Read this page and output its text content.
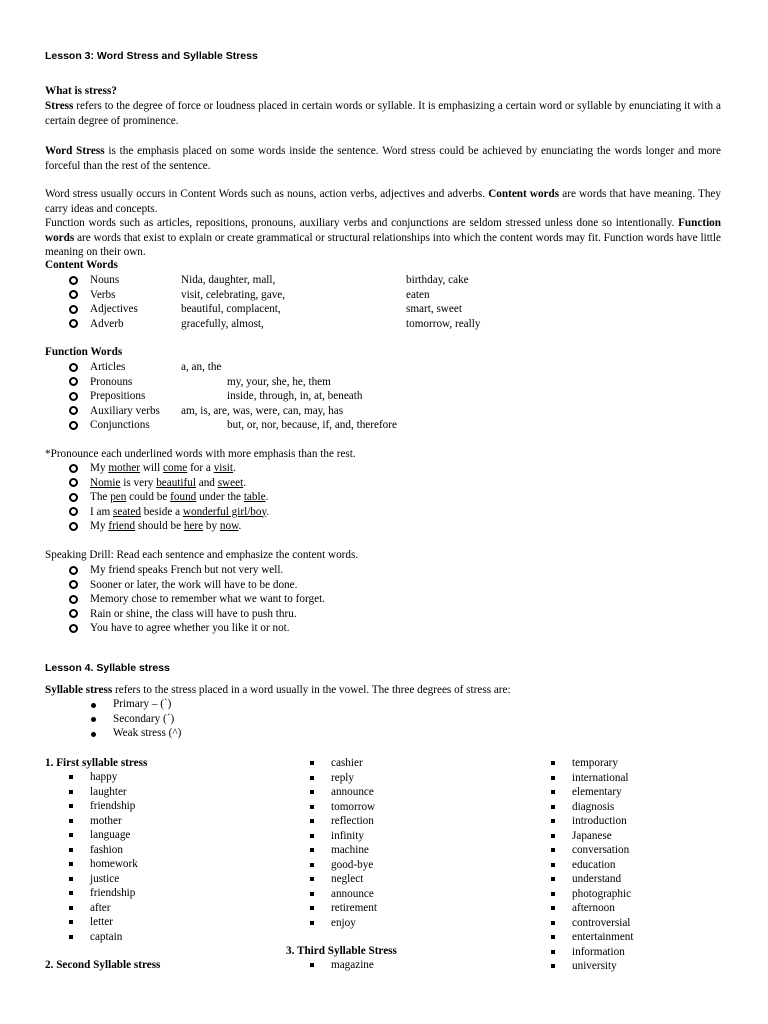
Lesson 3: Word Stress and Syllable Stress
What is stress?

Stress refers to the degree of force or loudness placed in certain words or syllable. It is emphasizing a certain word or syllable by enunciating it with a certain degree of prominence.

Word Stress is the emphasis placed on some words inside the sentence. Word stress could be achieved by enunciating the words longer and more forceful than the rest of the sentence.

Word stress usually occurs in Content Words such as nouns, action verbs, adjectives and adverbs. Content words are words that have meaning. They carry ideas and concepts.

Function words such as articles, repositions, pronouns, auxiliary verbs and conjunctions are seldom stressed unless done so intentionally. Function words are words that exist to explain or create grammatical or structural relationships into which the content words may fit. Function words have little meaning on their own.

Content Words
Nouns	Nida, daughter, mall,	birthday, cake
Verbs	visit, celebrating, gave,	eaten
Adjectives	beautiful, complacent,	smart, sweet
Adverb	gracefully, almost,	tomorrow, really
Function Words
Articles	a, an, the
Pronouns	my, your, she, he, them
Prepositions	inside, through, in, at, beneath
Auxiliary verbs am, is, are, was, were, can, may, has
Conjunctions	but, or, nor, because, if, and, therefore
*Pronounce each underlined words with more emphasis than the rest.
My mother will come for a visit.
Nomie is very beautiful and sweet.
The pen could be found under the table.
I am seated beside a wonderful girl/boy.
My friend should be here by now.
Speaking Drill: Read each sentence and emphasize the content words.
My friend speaks French but not very well.
Sooner or later, the work will have to be done.
Memory chose to remember what we want to forget.
Rain or shine, the class will have to push thru.
You have to agree whether you like it or not.
Lesson 4. Syllable stress
Syllable stress refers to the stress placed in a word usually in the vowel. The three degrees of stress are:
Primary – (`)
Secondary (´)
Weak stress (^)
1. First syllable stress
happy
laughter
friendship
mother
language
fashion
homework
justice
friendship
after
letter
captain
2. Second Syllable stress
cashier
reply
announce
tomorrow
reflection
infinity
machine
good-bye
neglect
announce
retirement
enjoy
3. Third Syllable Stress
magazine
temporary
international
elementary
diagnosis
introduction
Japanese
conversation
education
understand
photographic
afternoon
controversial
entertainment
information
university
